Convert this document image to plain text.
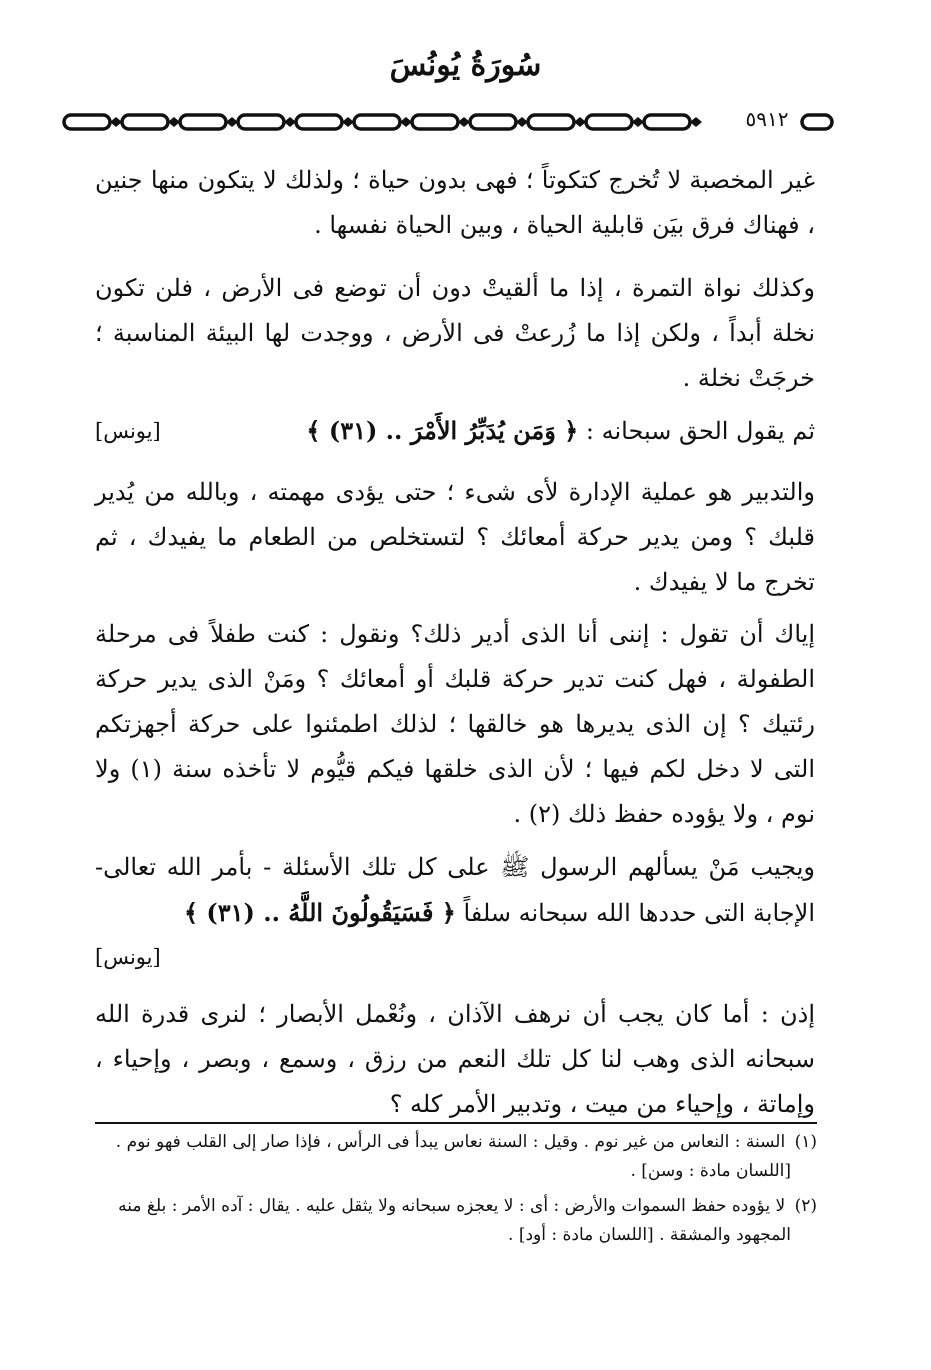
سُورَةُ يُونُسَ
٥٩١٢

غير المخصبة لا تُخرج كتكوتاً ؛ فهى بدون حياة ؛ ولذلك لا يتكون منها جنين ، فهناك فرق بيَن قابلية الحياة ، وبين الحياة نفسها .

وكذلك نواة التمرة ، إذا ما ألقيتْ دون أن توضع فى الأرض ، فلن تكون نخلة أبداً ، ولكن إذا ما زُرعتْ فى الأرض ، ووجدت لها البيئة المناسبة ؛ خرجَتْ نخلة .

ثم يقول الحق سبحانه : ﴿ وَمَن يُدَبِّرُ الأَمْرَ .. (٣١) ﴾
[يونس]

والتدبير هو عملية الإدارة لأى شىء ؛ حتى يؤدى مهمته ، وبالله من يُدير قلبك ؟ ومن يدير حركة أمعائك ؟ لتستخلص من الطعام ما يفيدك ، ثم تخرج ما لا يفيدك .

إياك أن تقول : إننى أنا الذى أدير ذلك؟ ونقول : كنت طفلاً فى مرحلة الطفولة ، فهل كنت تدير حركة قلبك أو أمعائك ؟ ومَنْ الذى يدير حركة رئتيك ؟ إن الذى يديرها هو خالقها ؛ لذلك اطمئنوا على حركة أجهزتكم التى لا دخل لكم فيها ؛ لأن الذى خلقها فيكم قيُّوم لا تأخذه سنة (١) ولا نوم ، ولا يؤوده حفظ ذلك (٢) .

ويجيب مَنْ يسألهم الرسول ﷺ على كل تلك الأسئلة - بأمر الله تعالى- الإجابة التى حددها الله سبحانه سلفاً ﴿ فَسَيَقُولُونَ اللَّهُ .. (٣١) ﴾

[يونس]

إذن : أما كان يجب أن نرهف الآذان ، ونُعْمل الأبصار ؛ لنرى قدرة الله سبحانه الذى وهب لنا كل تلك النعم من رزق ، وسمع ، وبصر ، وإحياء ، وإماتة ، وإحياء من ميت ، وتدبير الأمر كله ؟

(١) السنة : النعاس من غير نوم . وقيل : السنة نعاس يبدأ فى الرأس ، فإذا صار إلى القلب فهو نوم .
[اللسان مادة : وسن] .
(٢) لا يؤوده حفظ السموات والأرض : أى : لا يعجزه سبحانه ولا يثقل عليه . يقال : آده الأمر : بلغ منه
المجهود والمشقة . [اللسان مادة : أود] .
